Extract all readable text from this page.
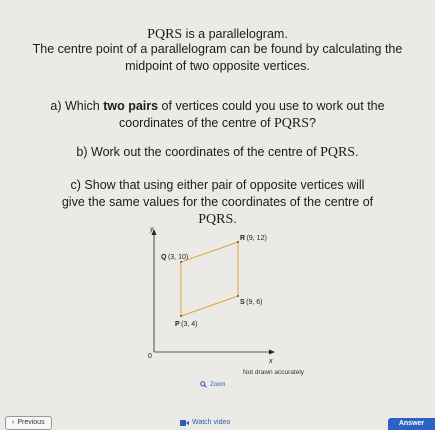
PQRS is a parallelogram.
The centre point of a parallelogram can be found by calculating the midpoint of two opposite vertices.
a) Which two pairs of vertices could you use to work out the coordinates of the centre of PQRS?
b) Work out the coordinates of the centre of PQRS.
c) Show that using either pair of opposite vertices will give the same values for the coordinates of the centre of PQRS.
y
x
0
Q (3, 10)
R (9, 12)
S (9, 6)
P (3, 4)
Not drawn accurately
Zoom
‹ Previous	Watch video	Answer
